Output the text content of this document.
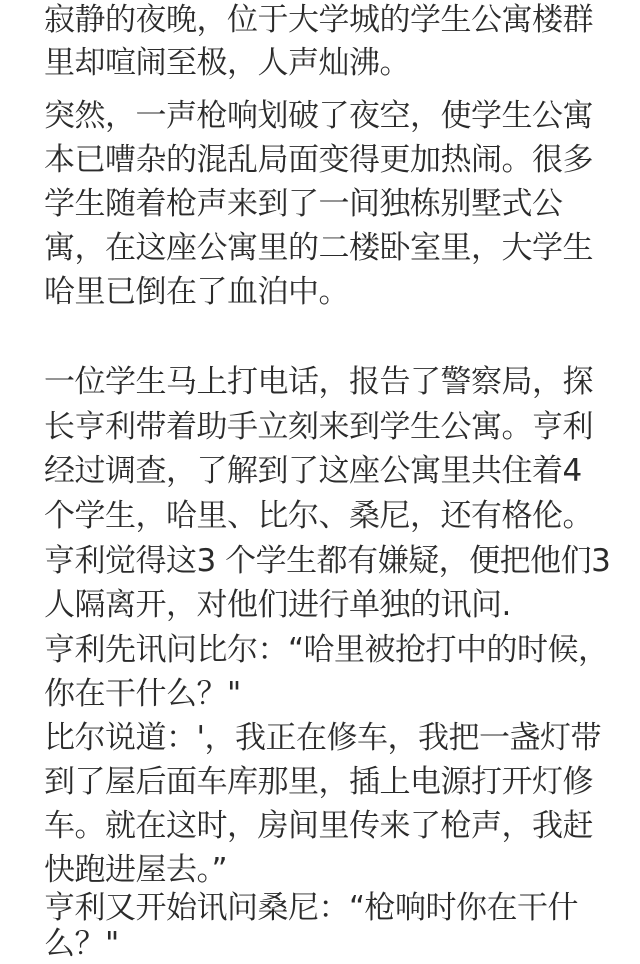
寂静的夜晚，位于大学城的学生公寓楼群
里却喧闹至极，人声灿沸。
突然，一声枪响划破了夜空，使学生公寓
本已嘈杂的混乱局面变得更加热闹。很多
学生随着枪声来到了一间独栋别墅式公
寓，在这座公寓里的二楼卧室里，大学生
哈里已倒在了血泊中。
一位学生马上打电话，报告了警察局，探
长亨利带着助手立刻来到学生公寓。亨利
经过调查，了解到了这座公寓里共住着4
个学生，哈里、比尔、桑尼，还有格伦。
亨利觉得这3 个学生都有嫌疑，便把他们3
人隔离开，对他们进行单独的讯问.
亨利先讯问比尔：“哈里被抢打中的时候，
你在干什么？"
比尔说道：'，我正在修车，我把一盏灯带
到了屋后面车库那里，插上电源打开灯修
车。就在这时，房间里传来了枪声，我赶
快跑进屋去。”
亨利又开始讯问桑尼：“枪响时你在干什
么？"
